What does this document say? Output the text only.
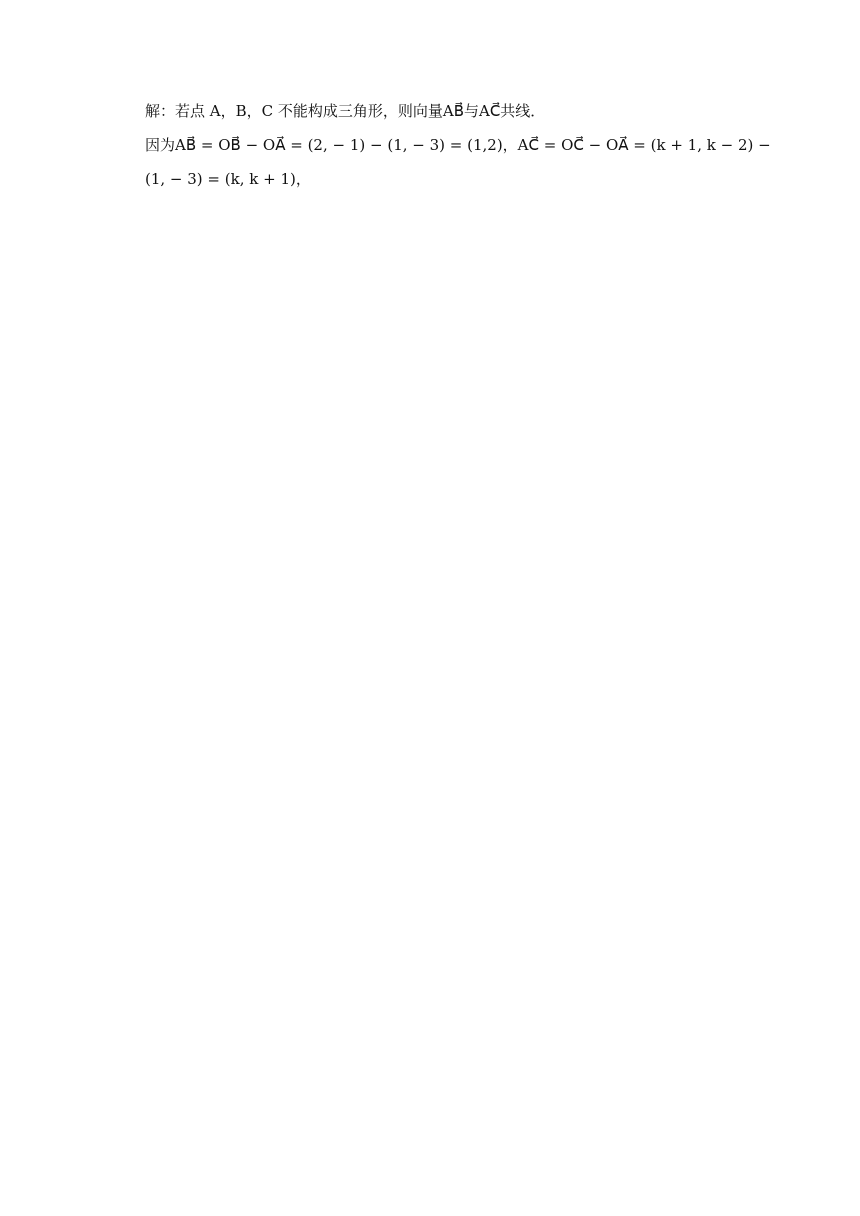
解：若点 A，B，C 不能构成三角形，则向量AB⃗与AC⃗共线．
因为AB⃗ = OB⃗ − OA⃗ = (2, − 1) − (1, − 3) = (1,2)，AC⃗ = OC⃗ − OA⃗ = (k + 1, k − 2) −
(1, − 3) = (k, k + 1)，
